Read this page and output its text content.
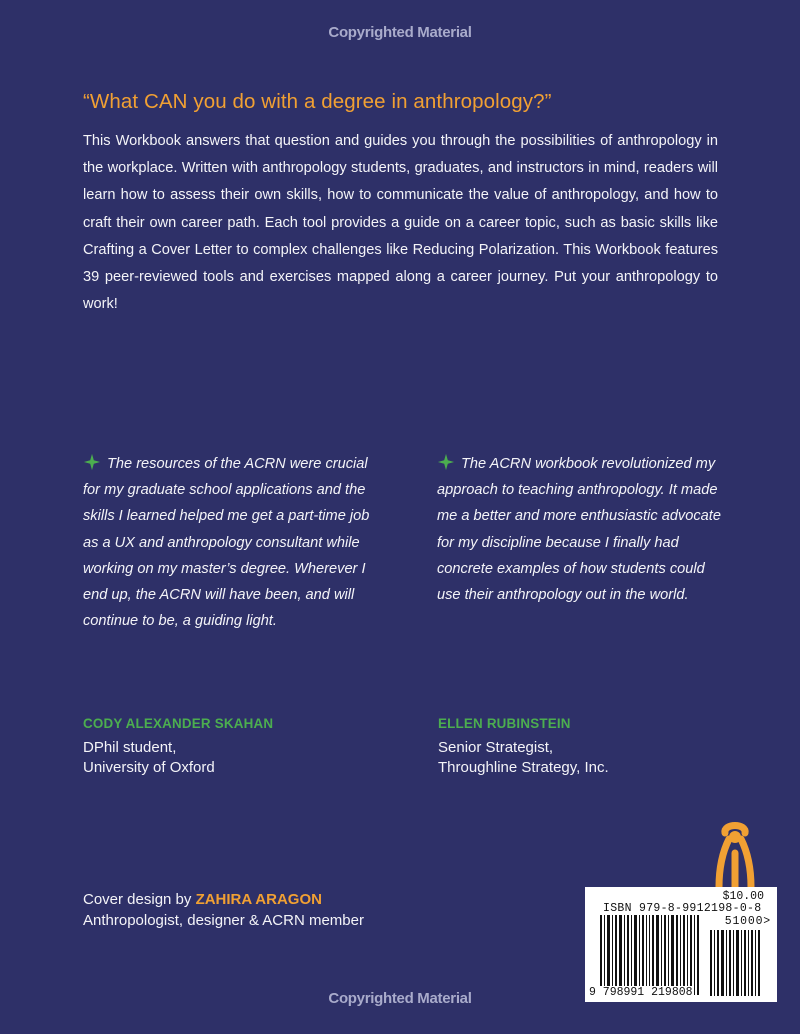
Copyrighted Material
“What CAN you do with a degree in anthropology?”
This Workbook answers that question and guides you through the possibilities of anthropology in the workplace. Written with anthropology students, graduates, and instructors in mind, readers will learn how to assess their own skills, how to communicate the value of anthropology, and how to craft their own career path. Each tool provides a guide on a career topic, such as basic skills like Crafting a Cover Letter to complex challenges like Reducing Polarization. This Workbook features 39 peer-reviewed tools and exercises mapped along a career journey. Put your anthropology to work!
The resources of the ACRN were crucial for my graduate school applications and the skills I learned helped me get a part-time job as a UX and anthropology consultant while working on my master’s degree. Wherever I end up, the ACRN will have been, and will continue to be, a guiding light.
The ACRN workbook revolutionized my approach to teaching anthropology. It made me a better and more enthusiastic advocate for my discipline because I finally had concrete examples of how students could use their anthropology out in the world.
CODY ALEXANDER SKAHAN
DPhil student,
University of Oxford
ELLEN RUBINSTEIN
Senior Strategist,
Throughline Strategy, Inc.
Cover design by ZAHIRA ARAGON
Anthropologist, designer & ACRN member
$10.00
ISBN 979-8-9912198-0-8
51000>
9 798991 219808
Copyrighted Material
